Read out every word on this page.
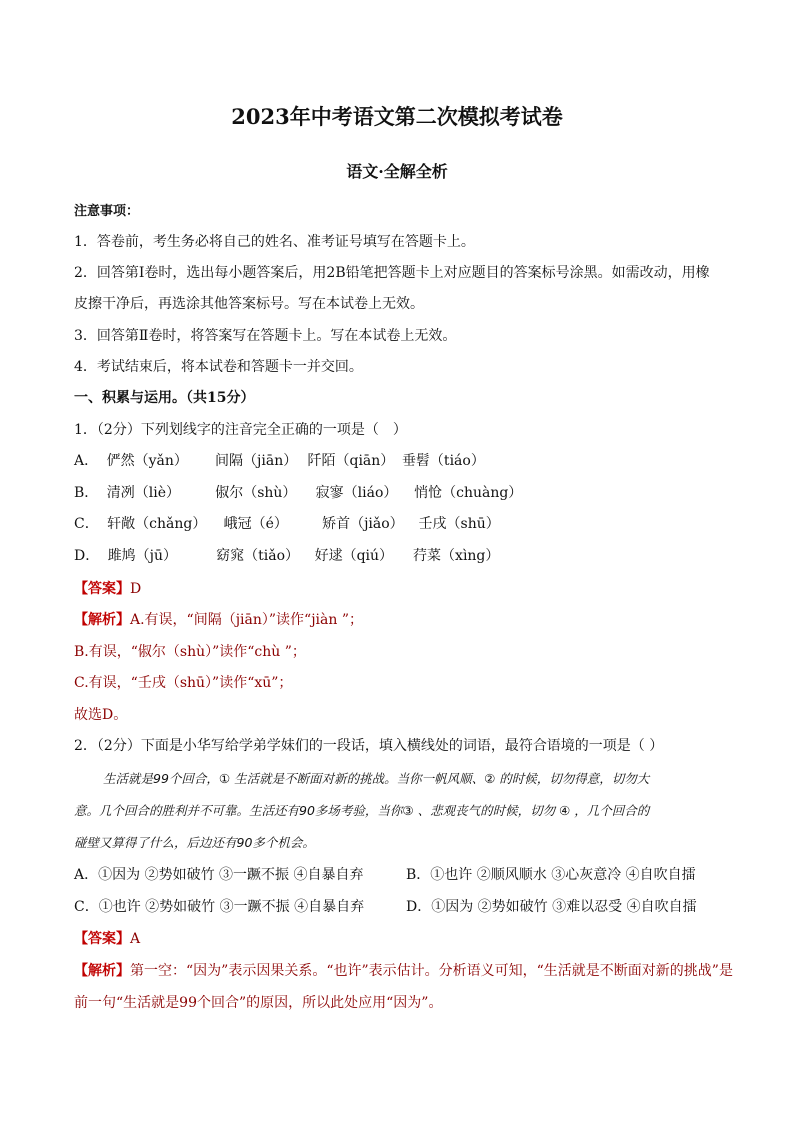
2023年中考语文第二次模拟考试卷
语文·全解全析
注意事项：
1．答卷前，考生务必将自己的姓名、准考证号填写在答题卡上。
2．回答第Ⅰ卷时，选出每小题答案后，用2B铅笔把答题卡上对应题目的答案标号涂黑。如需改动，用橡
皮擦干净后，再选涂其他答案标号。写在本试卷上无效。
3．回答第Ⅱ卷时，将答案写在答题卡上。写在本试卷上无效。
4．考试结束后，将本试卷和答题卡一并交回。
一、积累与运用。（共15分）
1．（2分）下列划线字的注音完全正确的一项是（　）
A． 俨然（yǎn） 间隔（jiān） 阡陌（qiān） 垂髫（tiáo）
B． 清冽（liè）	俶尔（shù） 寂寥（liáo） 悄怆（chuàng）
C． 轩敞（chǎng） 峨冠（é） 矫首（jiǎo） 壬戌（shū）
D． 雎鸠（jū）	窈窕（tiǎo） 好逑（qiú） 荇菜（xìng）
【答案】D
【解析】A.有误，“间隔（jiān）”读作“jiàn ”；
B.有误，“俶尔（shù）”读作“chù ”；
C.有误，“壬戌（shū）”读作“xū”；
故选D。
2．（2分）下面是小华写给学弟学妹们的一段话，填入横线处的词语，最符合语境的一项是（ ）
生活就是99个回合，① 生活就是不断面对新的挑战。当你一帆风顺、② 的时候，切勿得意，切勿大
意。几个回合的胜利并不可靠。生活还有90多场考验，当你③ 、悲观丧气的时候，切勿 ④ ，几个回合的
碰壁又算得了什么，后边还有90多个机会。
A．①因为 ②势如破竹 ③一蹶不振 ④自暴自弃	B．①也许 ②顺风顺水 ③心灰意冷 ④自吹自擂
C．①也许 ②势如破竹 ③一蹶不振 ④自暴自弃	D．①因为 ②势如破竹 ③难以忍受 ④自吹自擂
【答案】A
【解析】第一空：“因为”表示因果关系。“也许”表示估计。分析语义可知，“生活就是不断面对新的挑战”是
前一句“生活就是99个回合”的原因，所以此处应用“因为”。
